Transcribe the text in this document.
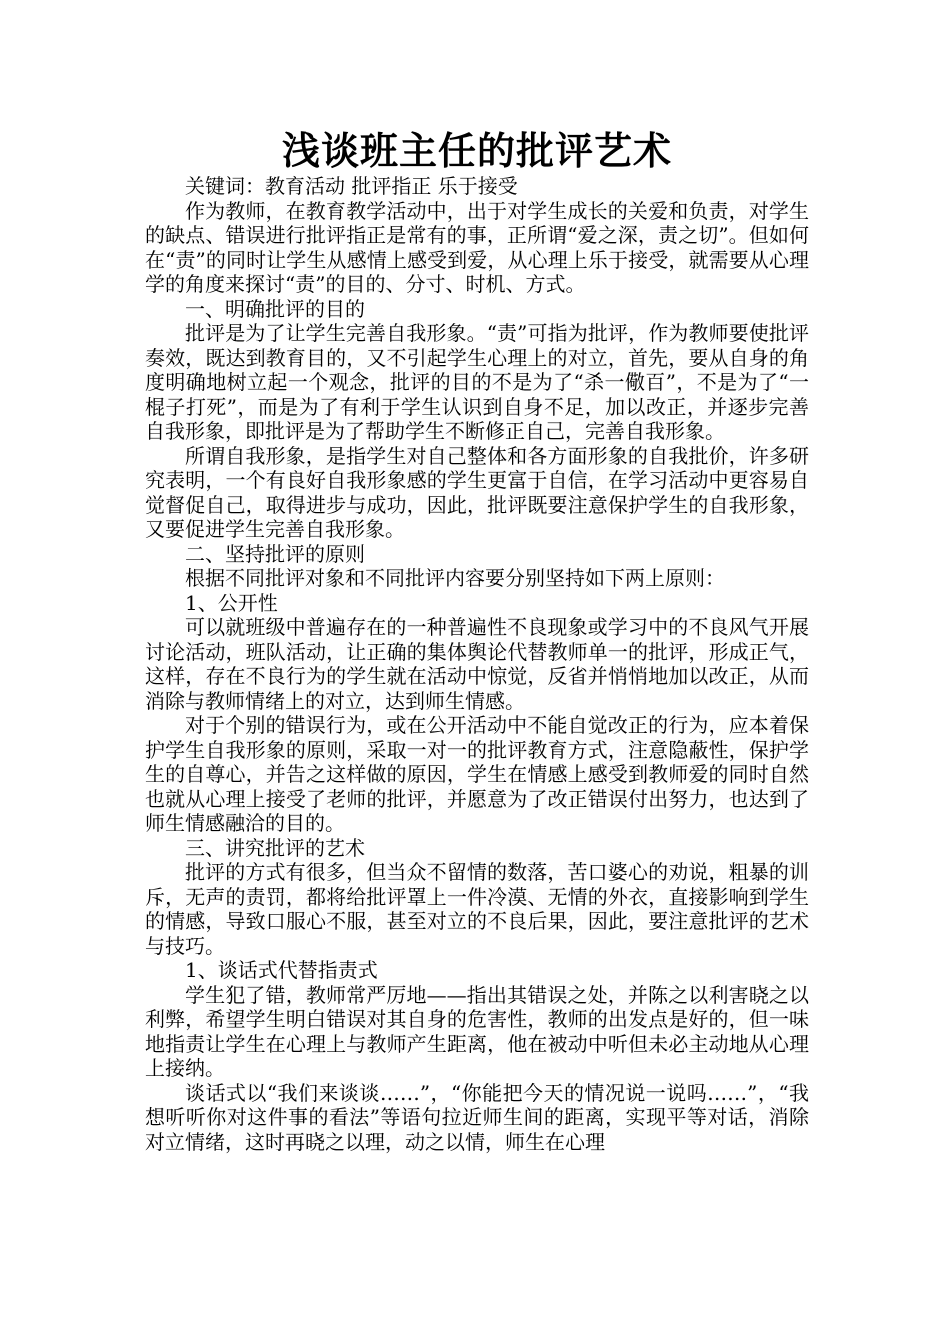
浅谈班主任的批评艺术

关键词：教育活动 批评指正 乐于接受

作为教师，在教育教学活动中，出于对学生成长的关爱和负责，对学生的缺点、错误进行批评指正是常有的事，正所谓“爱之深，责之切”。但如何在“责”的同时让学生从感情上感受到爱，从心理上乐于接受，就需要从心理学的角度来探讨“责”的目的、分寸、时机、方式。

一、明确批评的目的

批评是为了让学生完善自我形象。“责”可指为批评，作为教师要使批评奏效，既达到教育目的，又不引起学生心理上的对立，首先，要从自身的角度明确地树立起一个观念，批评的目的不是为了“杀一儆百”，不是为了“一棍子打死”，而是为了有利于学生认识到自身不足，加以改正，并逐步完善自我形象，即批评是为了帮助学生不断修正自己，完善自我形象。

所谓自我形象，是指学生对自己整体和各方面形象的自我批价，许多研究表明，一个有良好自我形象感的学生更富于自信，在学习活动中更容易自觉督促自己，取得进步与成功，因此，批评既要注意保护学生的自我形象，又要促进学生完善自我形象。

二、坚持批评的原则

根据不同批评对象和不同批评内容要分别坚持如下两上原则：

1、公开性

可以就班级中普遍存在的一种普遍性不良现象或学习中的不良风气开展讨论活动，班队活动，让正确的集体舆论代替教师单一的批评，形成正气，这样，存在不良行为的学生就在活动中惊觉，反省并悄悄地加以改正，从而消除与教师情绪上的对立，达到师生情感。

对于个别的错误行为，或在公开活动中不能自觉改正的行为，应本着保护学生自我形象的原则，采取一对一的批评教育方式，注意隐蔽性，保护学生的自尊心，并告之这样做的原因，学生在情感上感受到教师爱的同时自然也就从心理上接受了老师的批评，并愿意为了改正错误付出努力，也达到了师生情感融洽的目的。

三、讲究批评的艺术

批评的方式有很多，但当众不留情的数落，苦口婆心的劝说，粗暴的训斥，无声的责罚，都将给批评罩上一件冷漠、无情的外衣，直接影响到学生的情感，导致口服心不服，甚至对立的不良后果，因此，要注意批评的艺术与技巧。

1、谈话式代替指责式

学生犯了错，教师常严厉地——指出其错误之处，并陈之以利害晓之以利弊，希望学生明白错误对其自身的危害性，教师的出发点是好的，但一味地指责让学生在心理上与教师产生距离，他在被动中听但未必主动地从心理上接纳。

谈话式以“我们来谈谈……”，“你能把今天的情况说一说吗……”，“我想听听你对这件事的看法”等语句拉近师生间的距离，实现平等对话，消除对立情绪，这时再晓之以理，动之以情，师生在心理
